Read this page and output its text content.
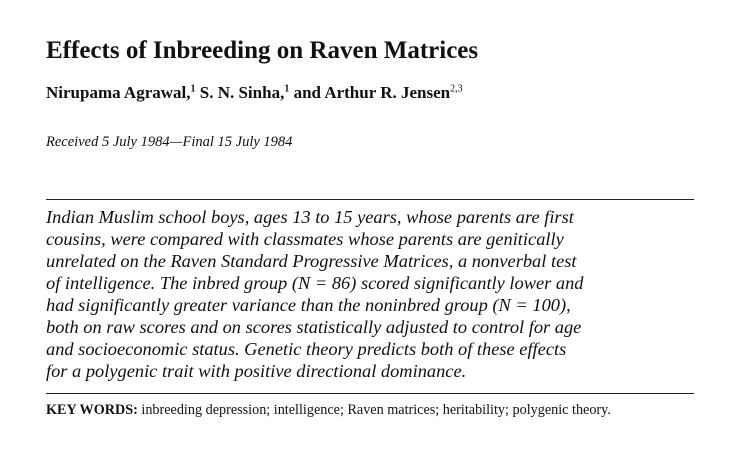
Effects of Inbreeding on Raven Matrices
Nirupama Agrawal,$^1$ S. N. Sinha,$^1$ and Arthur R. Jensen$^{2,3}$
Received 5 July 1984—Final 15 July 1984
Indian Muslim school boys, ages 13 to 15 years, whose parents are first
cousins, were compared with classmates whose parents are genitically
unrelated on the Raven Standard Progressive Matrices, a nonverbal test
of intelligence. The inbred group (N = 86) scored significantly lower and
had significantly greater variance than the noninbred group (N = 100),
both on raw scores and on scores statistically adjusted to control for age
and socioeconomic status. Genetic theory predicts both of these effects
for a polygenic trait with positive directional dominance.
KEY WORDS: inbreeding depression; intelligence; Raven matrices; heritability; polygenic theory.
